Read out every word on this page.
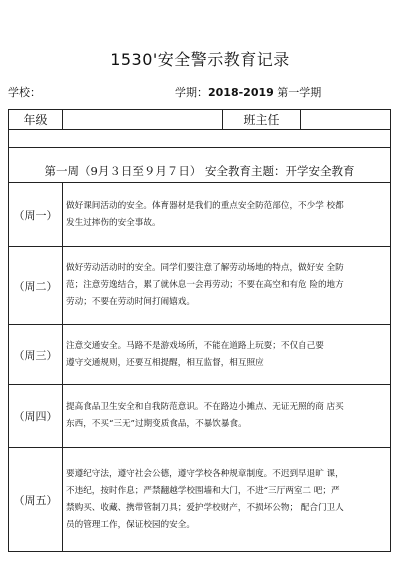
1530'安全警示教育记录
学校：	学期：2018-2019 第一学期
年级		班主任	

第一周（9月３日至９月７日） 安全教育主题：开学安全教育			
（周一）	做好课间活动的安全。体育器材是我们的重点安全防范部位，不少学 校都
发生过摔伤的安全事故。		

（周二）	做好劳动活动时的安全。同学们要注意了解劳动场地的特点，做好安 全防
范；注意劳逸结合，累了就休息一会再劳动；不要在高空和有危 险的地方
劳动；不要在劳动时间打闹嬉戏。		

（周三）	注意交通安全。马路不是游戏场所，不能在道路上玩耍；不仅自己要
遵守交通规则，还要互相提醒，相互监督，相互照应		

（周四）	提高食品卫生安全和自我防范意识。不在路边小摊点、无证无照的商 店买
东西，不买“三无”过期变质食品，不暴饮暴食。		

（周五）	要遵纪守法，遵守社会公德，遵守学校各种规章制度。不迟到早退旷 课，
不违纪，按时作息；严禁翻越学校围墙和大门，不进“三厅两室二 吧；严
禁购买、收藏、携带管制刀具；爱护学校财产，不损坏公物； 配合门卫人
员的管理工作，保证校园的安全。		
